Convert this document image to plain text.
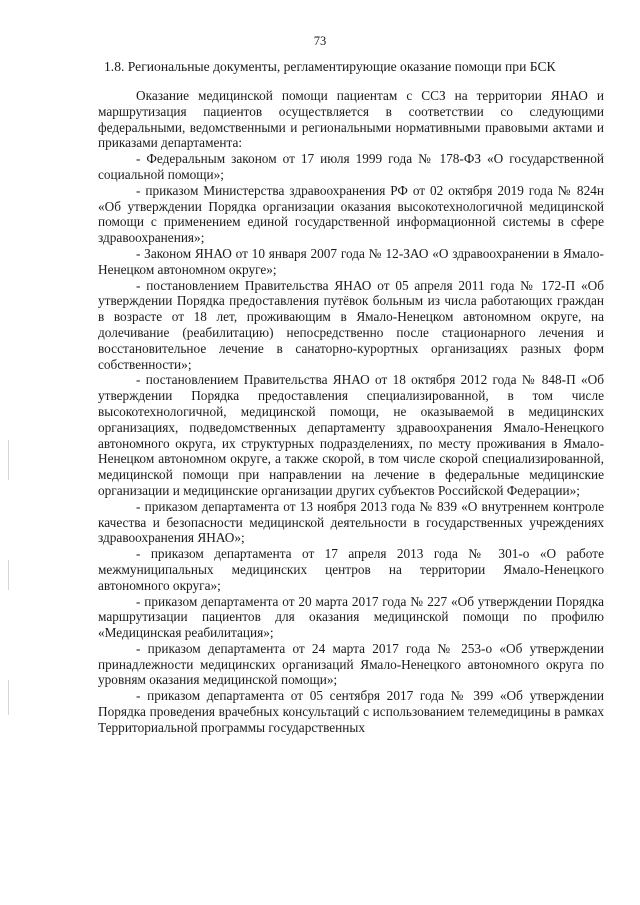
73
1.8. Региональные документы, регламентирующие оказание помощи при БСК

Оказание медицинской помощи пациентам с ССЗ на территории ЯНАО и маршрутизация пациентов осуществляется в соответствии со следующими федеральными, ведомственными и региональными нормативными правовыми актами и приказами департамента:

- Федеральным законом от 17 июля 1999 года № 178-ФЗ «О государственной социальной помощи»;

- приказом Министерства здравоохранения РФ от 02 октября 2019 года № 824н «Об утверждении Порядка организации оказания высокотехнологичной медицинской помощи с применением единой государственной информационной системы в сфере здравоохранения»;

- Законом ЯНАО от 10 января 2007 года № 12-ЗАО «О здравоохранении в Ямало-Ненецком автономном округе»;

- постановлением Правительства ЯНАО от 05 апреля 2011 года № 172-П «Об утверждении Порядка предоставления путёвок больным из числа работающих граждан в возрасте от 18 лет, проживающим в Ямало-Ненецком автономном округе, на долечивание (реабилитацию) непосредственно после стационарного лечения и восстановительное лечение в санаторно-курортных организациях разных форм собственности»;

- постановлением Правительства ЯНАО от 18 октября 2012 года № 848-П «Об утверждении Порядка предоставления специализированной, в том числе высокотехнологичной, медицинской помощи, не оказываемой в медицинских организациях, подведомственных департаменту здравоохранения Ямало-Ненецкого автономного округа, их структурных подразделениях, по месту проживания в Ямало-Ненецком автономном округе, а также скорой, в том числе скорой специализированной, медицинской помощи при направлении на лечение в федеральные медицинские организации и медицинские организации других субъектов Российской Федерации»;

- приказом департамента от 13 ноября 2013 года № 839 «О внутреннем контроле качества и безопасности медицинской деятельности в государственных учреждениях здравоохранения ЯНАО»;

- приказом департамента от 17 апреля 2013 года № 301-о «О работе межмуниципальных медицинских центров на территории Ямало-Ненецкого автономного округа»;

- приказом департамента от 20 марта 2017 года № 227 «Об утверждении Порядка маршрутизации пациентов для оказания медицинской помощи по профилю «Медицинская реабилитация»;

- приказом департамента от 24 марта 2017 года № 253-о «Об утверждении принадлежности медицинских организаций Ямало-Ненецкого автономного округа по уровням оказания медицинской помощи»;

- приказом департамента от 05 сентября 2017 года № 399 «Об утверждении Порядка проведения врачебных консультаций с использованием телемедицины в рамках Территориальной программы государственных
